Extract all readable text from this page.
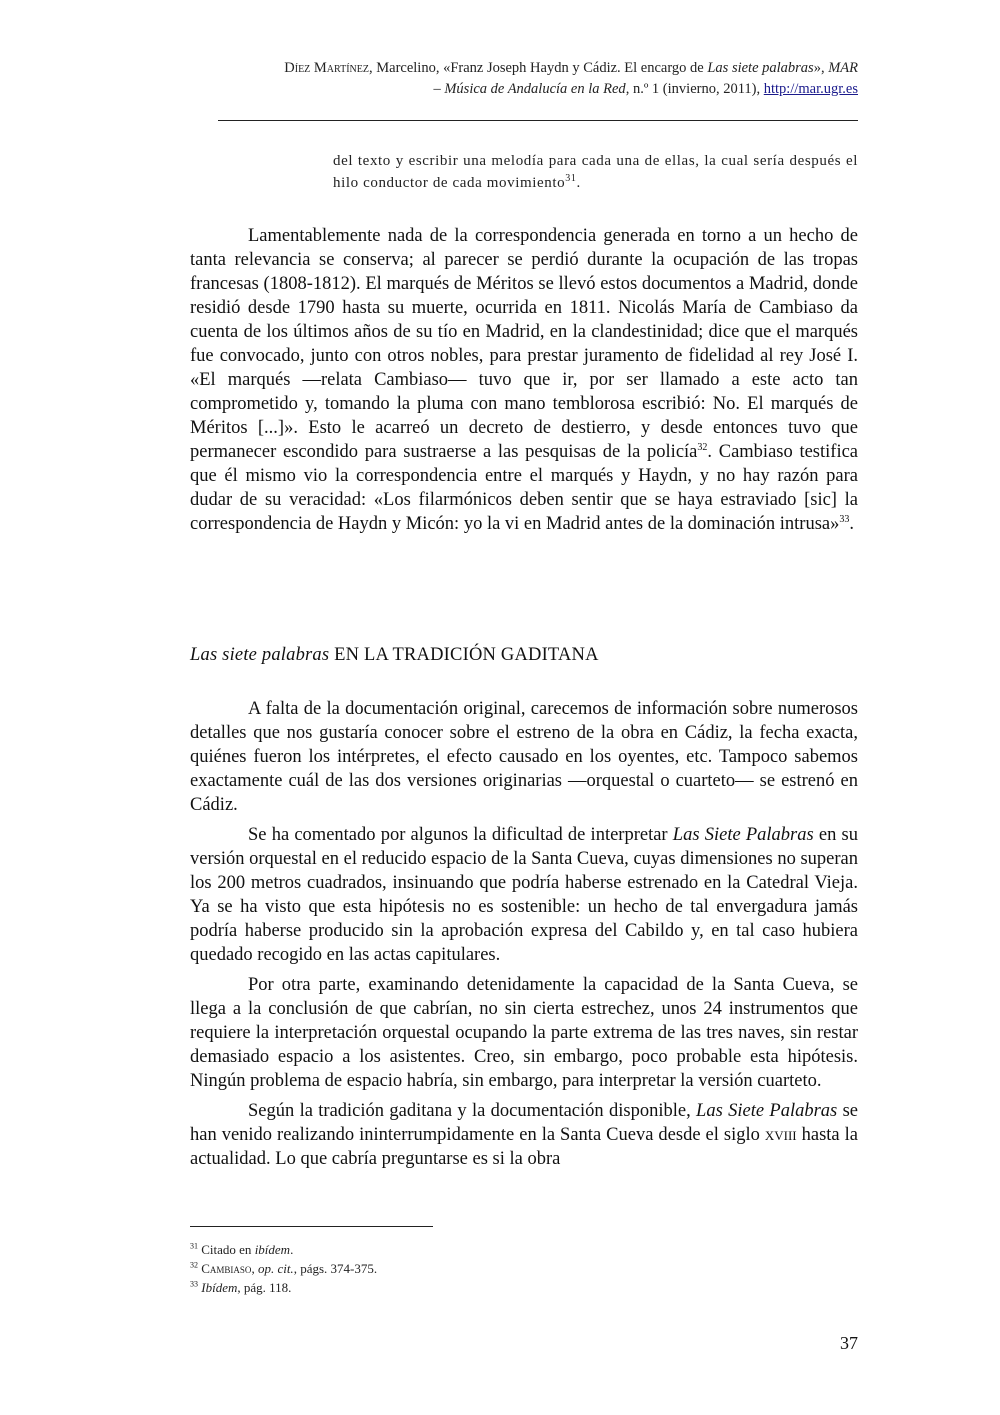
Díez Martínez, Marcelino, «Franz Joseph Haydn y Cádiz. El encargo de Las siete palabras», MAR
– Música de Andalucía en la Red, n.º 1 (invierno, 2011), http://mar.ugr.es
del texto y escribir una melodía para cada una de ellas, la cual sería después el hilo conductor de cada movimiento$^{31}$.

Lamentablemente nada de la correspondencia generada en torno a un hecho de tanta relevancia se conserva; al parecer se perdió durante la ocupación de las tropas francesas (1808-1812). El marqués de Méritos se llevó estos documentos a Madrid, donde residió desde 1790 hasta su muerte, ocurrida en 1811. Nicolás María de Cambiaso da cuenta de los últimos años de su tío en Madrid, en la clandestinidad; dice que el marqués fue convocado, junto con otros nobles, para prestar juramento de fidelidad al rey José I. «El marqués —relata Cambiaso— tuvo que ir, por ser llamado a este acto tan comprometido y, tomando la pluma con mano temblorosa escribió: No. El marqués de Méritos [...]». Esto le acarreó un decreto de destierro, y desde entonces tuvo que permanecer escondido para sustraerse a las pesquisas de la policía$^{32}$. Cambiaso testifica que él mismo vio la correspondencia entre el marqués y Haydn, y no hay razón para dudar de su veracidad: «Los filarmónicos deben sentir que se haya estraviado [sic] la correspondencia de Haydn y Micón: yo la vi en Madrid antes de la dominación intrusa»$^{33}$.

Las siete palabras EN LA TRADICIÓN GADITANA

A falta de la documentación original, carecemos de información sobre numerosos detalles que nos gustaría conocer sobre el estreno de la obra en Cádiz, la fecha exacta, quiénes fueron los intérpretes, el efecto causado en los oyentes, etc. Tampoco sabemos exactamente cuál de las dos versiones originarias —orquestal o cuarteto— se estrenó en Cádiz.

Se ha comentado por algunos la dificultad de interpretar Las Siete Palabras en su versión orquestal en el reducido espacio de la Santa Cueva, cuyas dimensiones no superan los 200 metros cuadrados, insinuando que podría haberse estrenado en la Catedral Vieja. Ya se ha visto que esta hipótesis no es sostenible: un hecho de tal envergadura jamás podría haberse producido sin la aprobación expresa del Cabildo y, en tal caso hubiera quedado recogido en las actas capitulares.

Por otra parte, examinando detenidamente la capacidad de la Santa Cueva, se llega a la conclusión de que cabrían, no sin cierta estrechez, unos 24 instrumentos que requiere la interpretación orquestal ocupando la parte extrema de las tres naves, sin restar demasiado espacio a los asistentes. Creo, sin embargo, poco probable esta hipótesis. Ningún problema de espacio habría, sin embargo, para interpretar la versión cuarteto.

Según la tradición gaditana y la documentación disponible, Las Siete Palabras se han venido realizando ininterrumpidamente en la Santa Cueva desde el siglo xviii hasta la actualidad. Lo que cabría preguntarse es si la obra

$^{31}$ Citado en ibídem.
$^{32}$ Cambiaso, op. cit., págs. 374-375.
$^{33}$ Ibídem, pág. 118.
37
